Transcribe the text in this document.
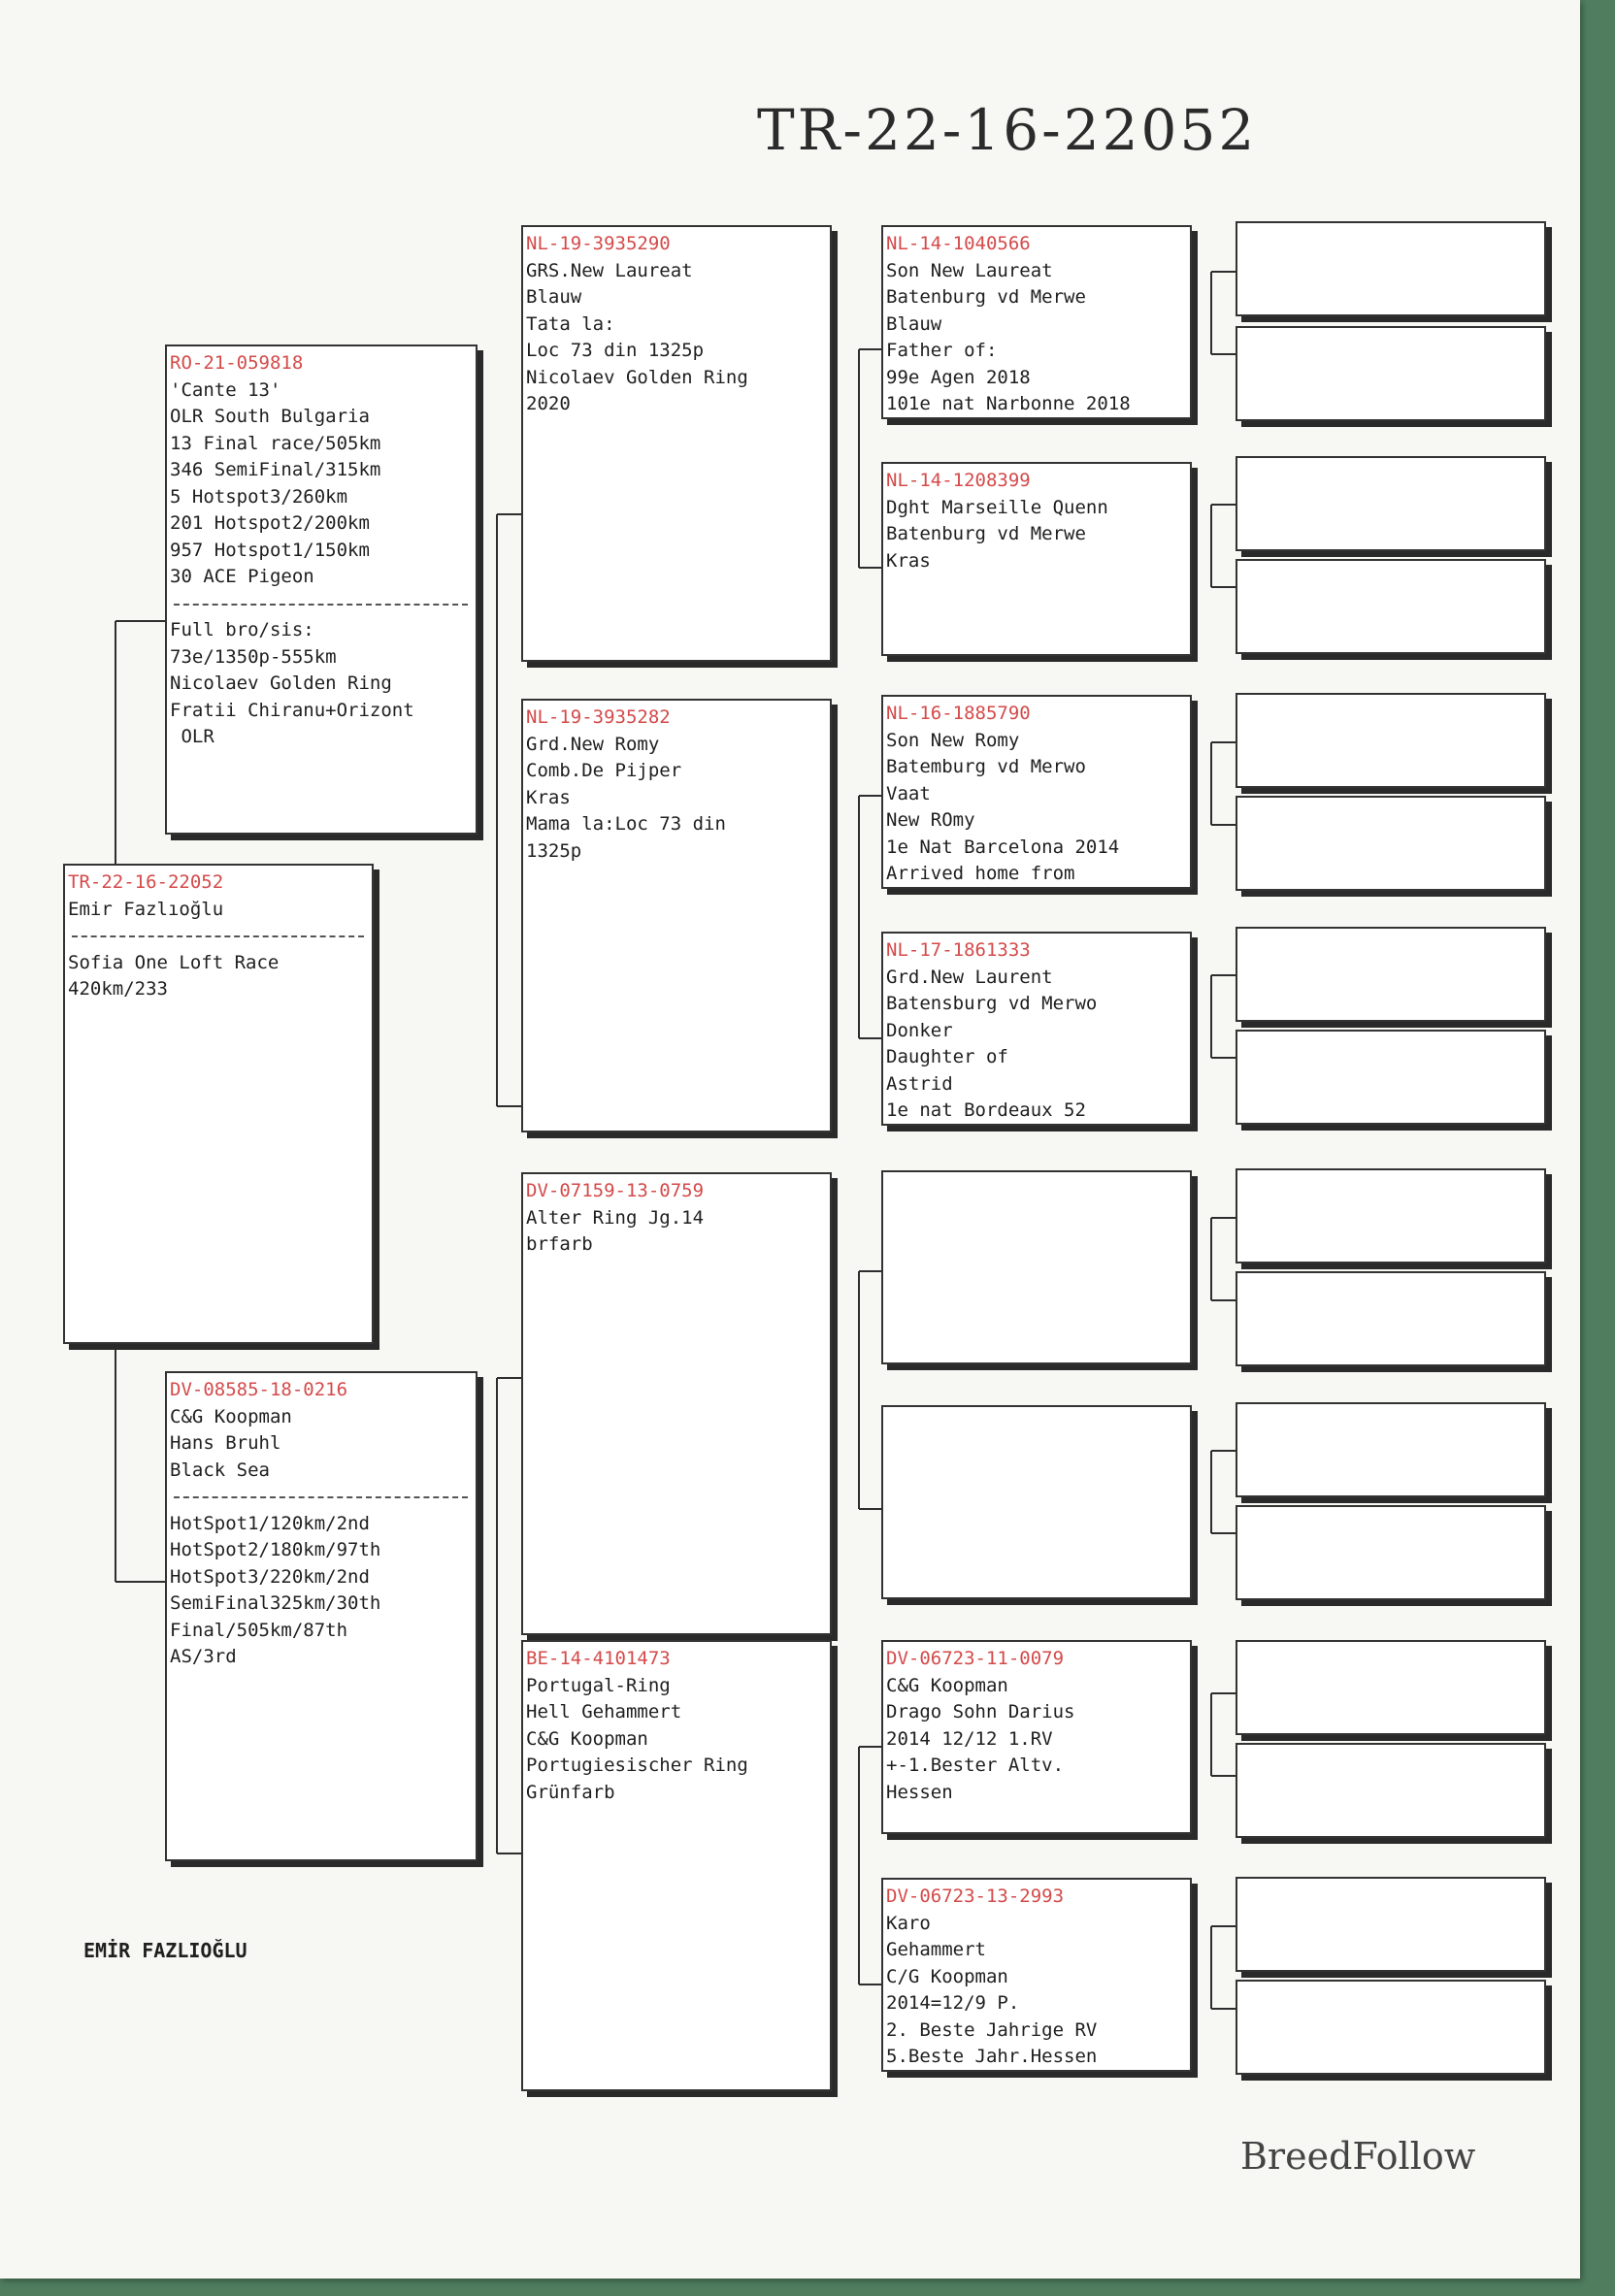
TR-22-16-22052
TR-22-16-22052
Emir Fazlıoğlu
Sofia One Loft Race
420km/233
RO-21-059818
'Cante 13'
OLR South Bulgaria
13 Final race/505km
346 SemiFinal/315km
5 Hotspot3/260km
201 Hotspot2/200km
957 Hotspot1/150km
30 ACE Pigeon
Full bro/sis:
73e/1350p-555km
Nicolaev Golden Ring
Fratii Chiranu+Orizont
OLR
DV-08585-18-0216
C&G Koopman
Hans Bruhl
Black Sea
HotSpot1/120km/2nd
HotSpot2/180km/97th
HotSpot3/220km/2nd
SemiFinal325km/30th
Final/505km/87th
AS/3rd
NL-19-3935290
GRS.New Laureat
Blauw
Tata la:
Loc 73 din 1325p
Nicolaev Golden Ring
2020
NL-19-3935282
Grd.New Romy
Comb.De Pijper
Kras
Mama la:Loc 73 din
1325p
DV-07159-13-0759
Alter Ring Jg.14
brfarb
BE-14-4101473
Portugal-Ring
Hell Gehammert
C&G Koopman
Portugiesischer Ring
Grünfarb
NL-14-1040566
Son New Laureat
Batenburg vd Merwe
Blauw
Father of:
99e Agen 2018
101e nat Narbonne 2018
NL-14-1208399
Dght Marseille Quenn
Batenburg vd Merwe
Kras
NL-16-1885790
Son New Romy
Batemburg vd Merwo
Vaat
New ROmy
1e Nat Barcelona 2014
Arrived home from
NL-17-1861333
Grd.New Laurent
Batensburg vd Merwo
Donker
Daughter of
Astrid
1e nat Bordeaux 52
DV-06723-11-0079
C&G Koopman
Drago Sohn Darius
2014 12/12 1.RV
+-1.Bester Altv.
Hessen
DV-06723-13-2993
Karo
Gehammert
C/G Koopman
2014=12/9 P.
2. Beste Jahrige RV
5.Beste Jahr.Hessen
EMİR FAZLIOĞLU
BreedFollow
